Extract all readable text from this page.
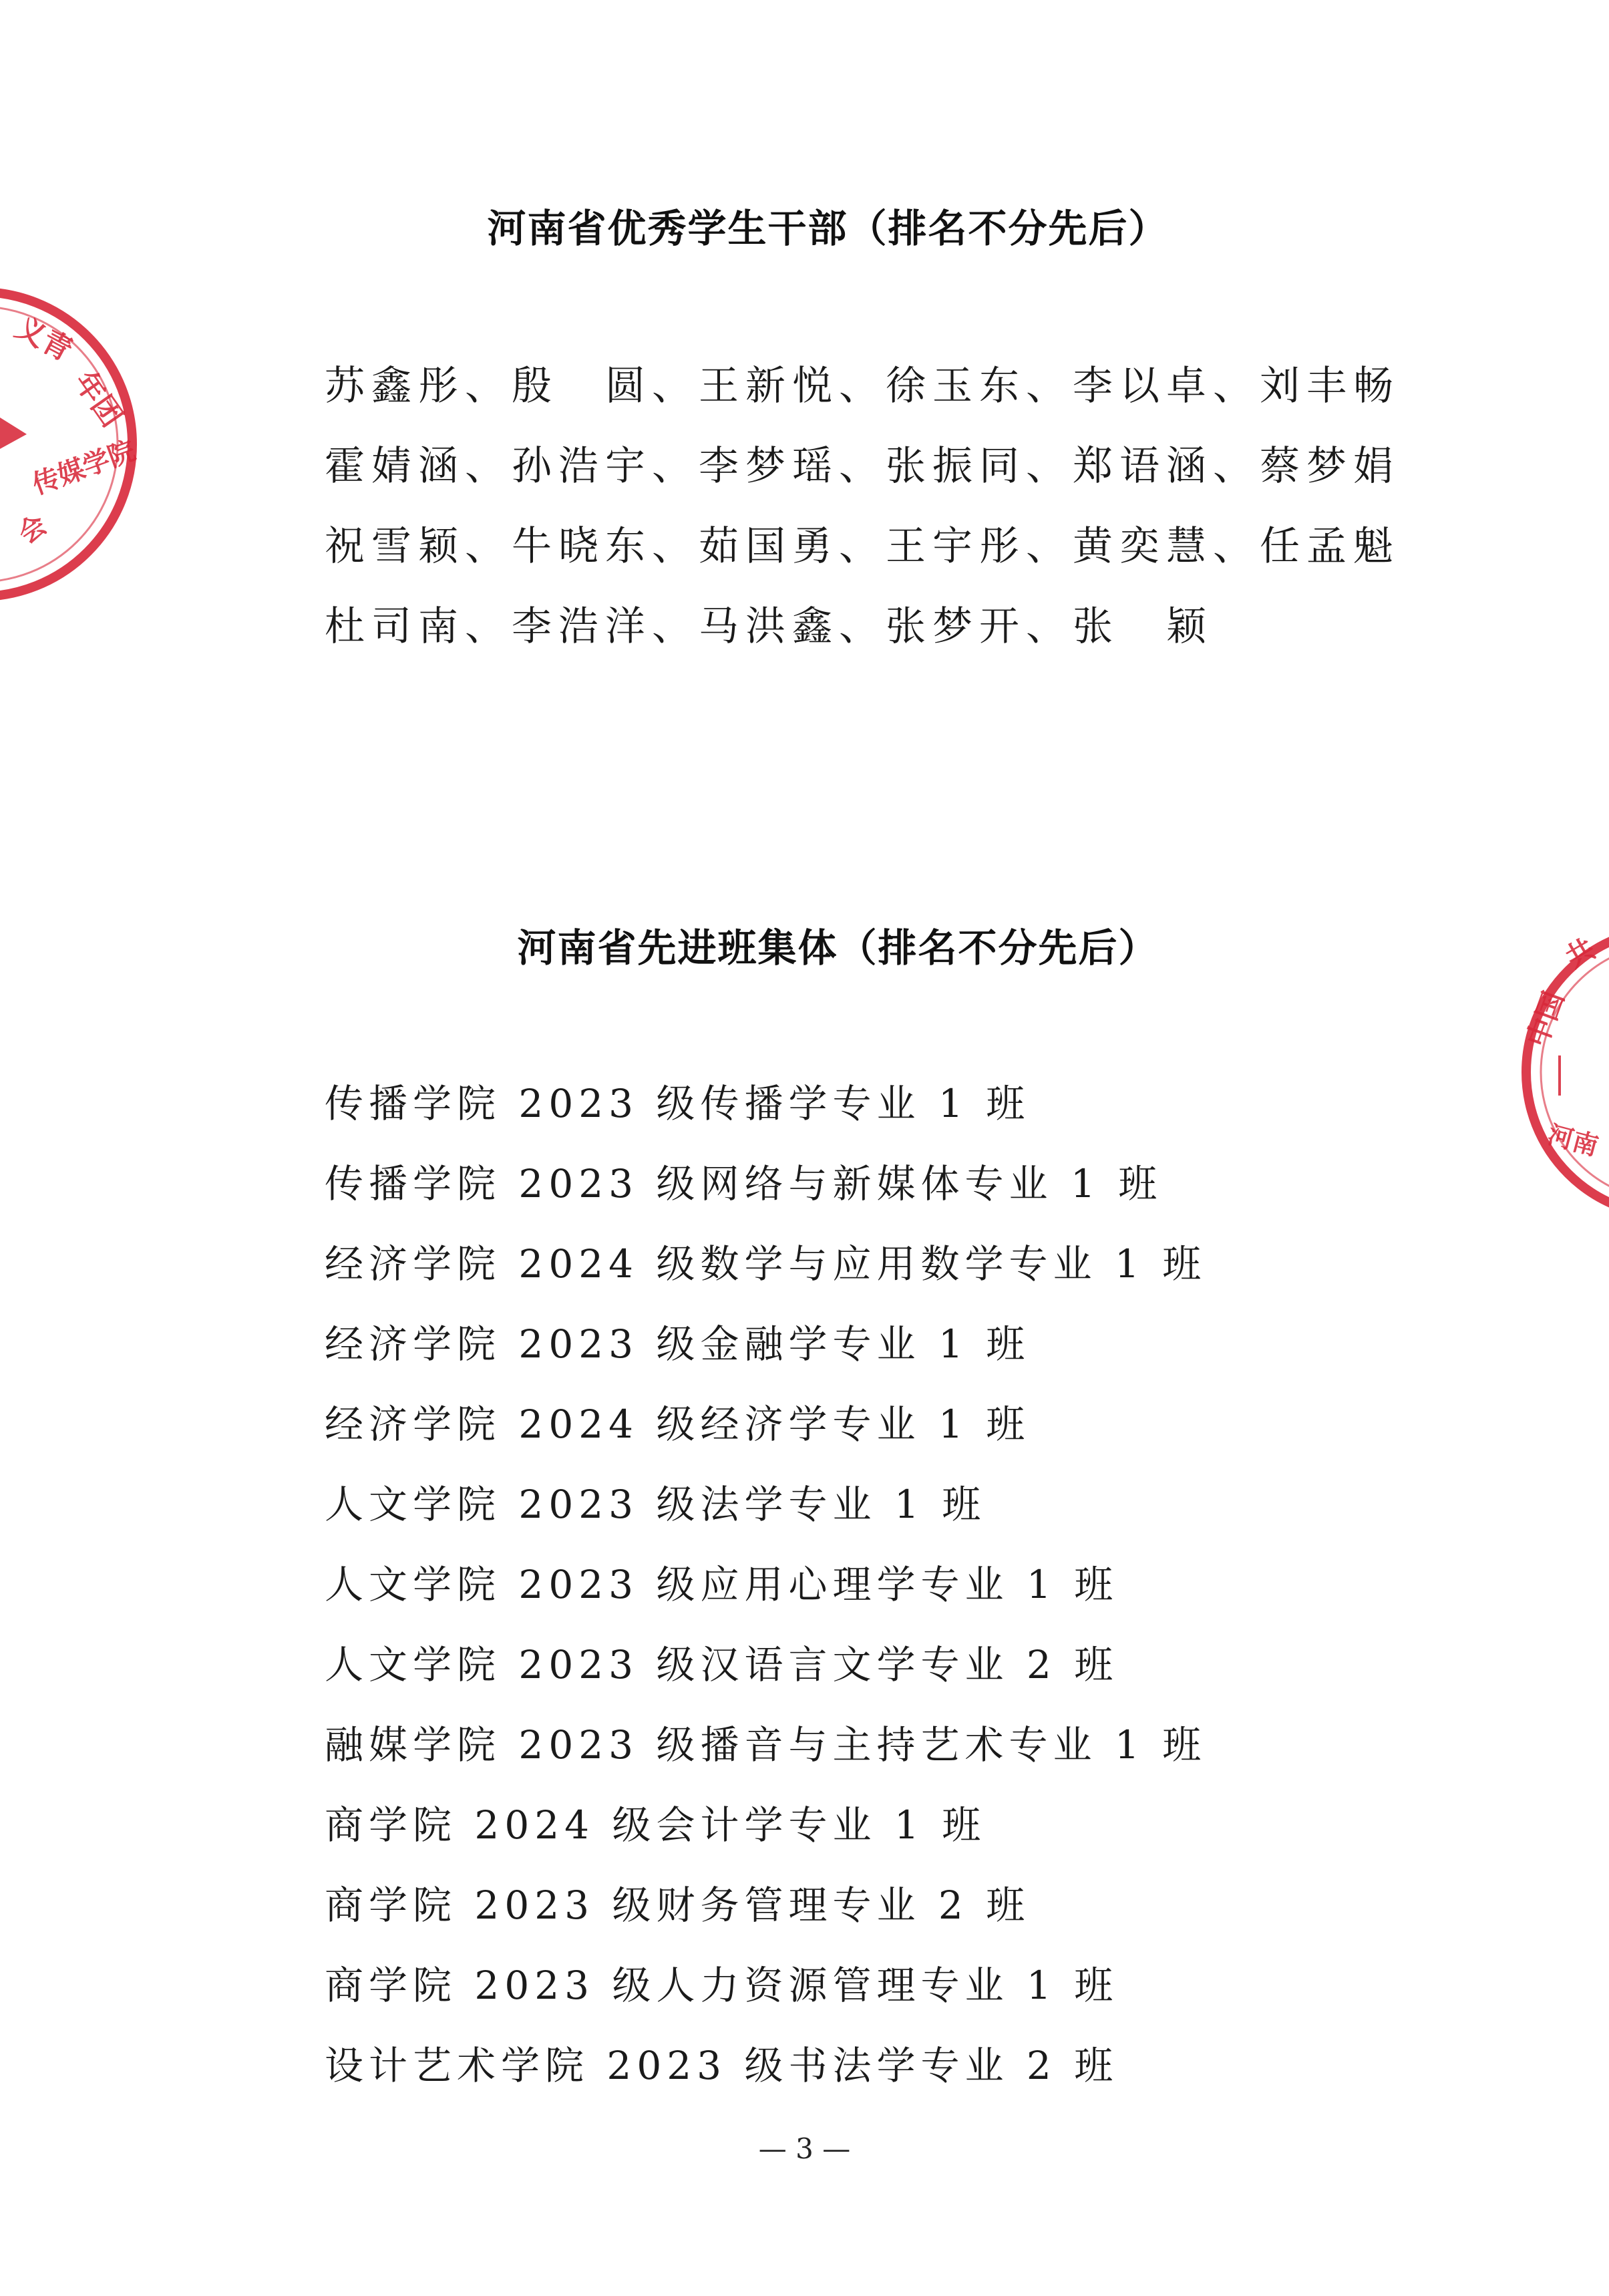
义青
年团
传媒学院
会
中国
共
河南
河南省优秀学生干部（排名不分先后）
苏鑫彤、殷　圆、王新悦、徐玉东、李以卓、刘丰畅
霍婧涵、孙浩宇、李梦瑶、张振同、郑语涵、蔡梦娟
祝雪颖、牛晓东、茹国勇、王宇彤、黄奕慧、任孟魁
杜司南、李浩洋、马洪鑫、张梦开、张　颖
河南省先进班集体（排名不分先后）
传播学院 2023 级传播学专业 1 班
传播学院 2023 级网络与新媒体专业 1 班
经济学院 2024 级数学与应用数学专业 1 班
经济学院 2023 级金融学专业 1 班
经济学院 2024 级经济学专业 1 班
人文学院 2023 级法学专业 1 班
人文学院 2023 级应用心理学专业 1 班
人文学院 2023 级汉语言文学专业 2 班
融媒学院 2023 级播音与主持艺术专业 1 班
商学院 2024 级会计学专业 1 班
商学院 2023 级财务管理专业 2 班
商学院 2023 级人力资源管理专业 1 班
设计艺术学院 2023 级书法学专业 2 班
— 3 —
